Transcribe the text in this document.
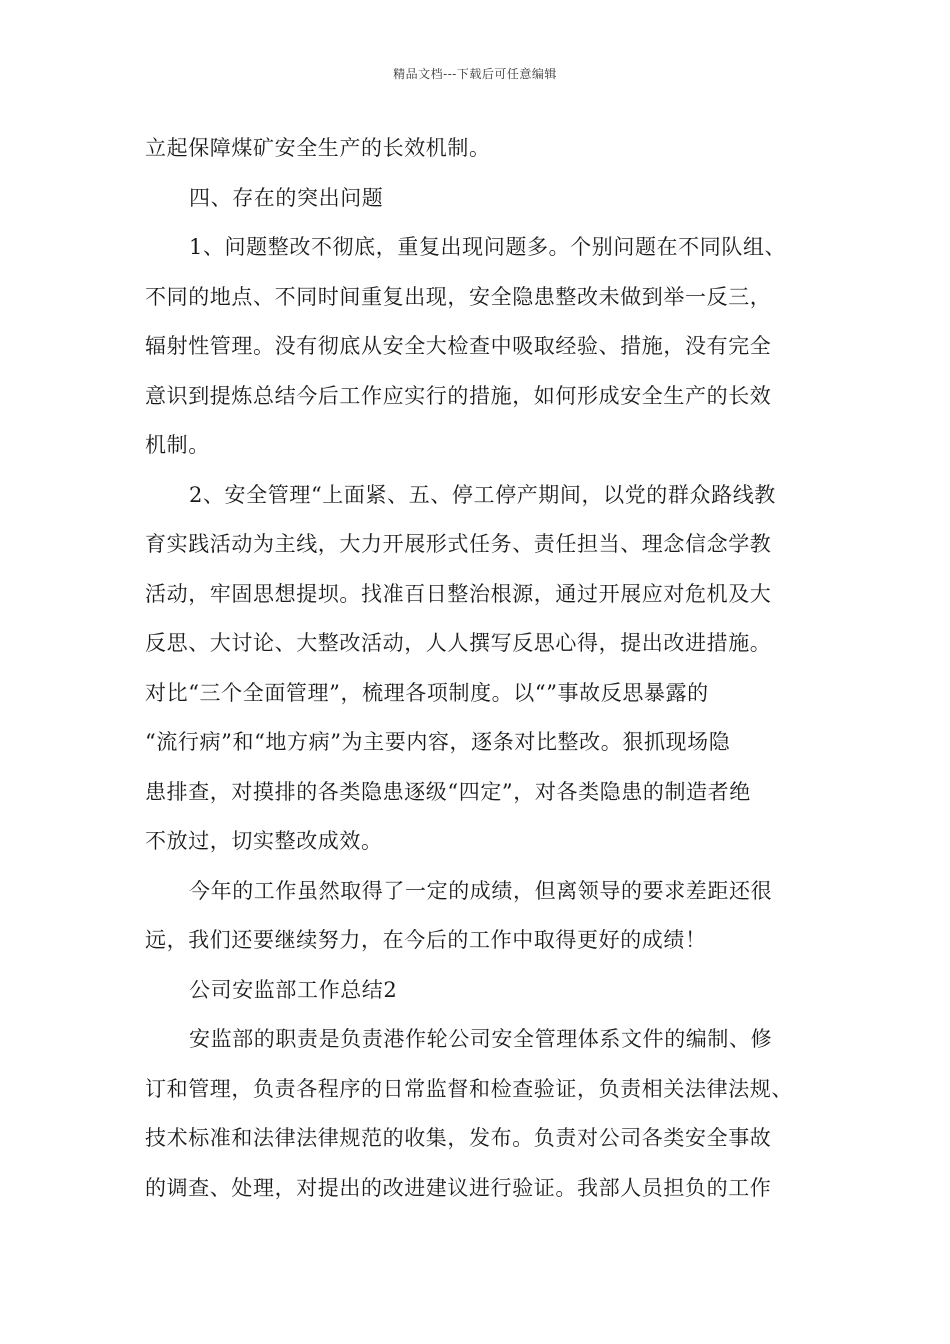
精品文档---下载后可任意编辑
立起保障煤矿安全生产的长效机制。
四、存在的突出问题
1、问题整改不彻底，重复出现问题多。个别问题在不同队组、
不同的地点、不同时间重复出现，安全隐患整改未做到举一反三，
辐射性管理。没有彻底从安全大检查中吸取经验、措施，没有完全
意识到提炼总结今后工作应实行的措施，如何形成安全生产的长效
机制。
2、安全管理“上面紧、五、停工停产期间，以党的群众路线教
育实践活动为主线，大力开展形式任务、责任担当、理念信念学教
活动，牢固思想提坝。找准百日整治根源，通过开展应对危机及大
反思、大讨论、大整改活动，人人撰写反思心得，提出改进措施。
对比“三个全面管理”，梳理各项制度。以“”事故反思暴露的
“流行病”和“地方病”为主要内容，逐条对比整改。狠抓现场隐
患排查，对摸排的各类隐患逐级“四定”，对各类隐患的制造者绝
不放过，切实整改成效。
今年的工作虽然取得了一定的成绩，但离领导的要求差距还很
远，我们还要继续努力，在今后的工作中取得更好的成绩！
公司安监部工作总结2
安监部的职责是负责港作轮公司安全管理体系文件的编制、修
订和管理，负责各程序的日常监督和检查验证，负责相关法律法规、
技术标准和法律法律规范的收集，发布。负责对公司各类安全事故
的调查、处理，对提出的改进建议进行验证。我部人员担负的工作
